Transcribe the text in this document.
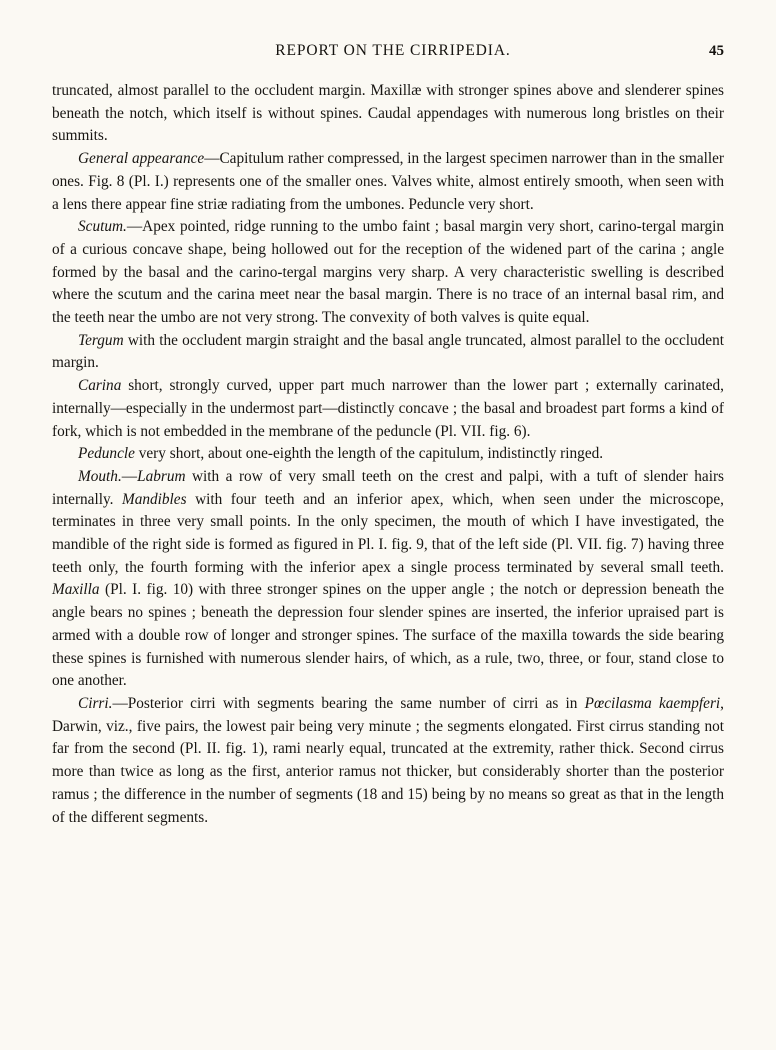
REPORT ON THE CIRRIPEDIA.	45

truncated, almost parallel to the occludent margin. Maxillæ with stronger spines above and slenderer spines beneath the notch, which itself is without spines. Caudal appendages with numerous long bristles on their summits.

General appearance—Capitulum rather compressed, in the largest specimen narrower than in the smaller ones. Fig. 8 (Pl. I.) represents one of the smaller ones. Valves white, almost entirely smooth, when seen with a lens there appear fine striæ radiating from the umbones. Peduncle very short.

Scutum.—Apex pointed, ridge running to the umbo faint ; basal margin very short, carino-tergal margin of a curious concave shape, being hollowed out for the reception of the widened part of the carina ; angle formed by the basal and the carino-tergal margins very sharp. A very characteristic swelling is described where the scutum and the carina meet near the basal margin. There is no trace of an internal basal rim, and the teeth near the umbo are not very strong. The convexity of both valves is quite equal.

Tergum with the occludent margin straight and the basal angle truncated, almost parallel to the occludent margin.

Carina short, strongly curved, upper part much narrower than the lower part ; externally carinated, internally—especially in the undermost part—distinctly concave ; the basal and broadest part forms a kind of fork, which is not embedded in the membrane of the peduncle (Pl. VII. fig. 6).

Peduncle very short, about one-eighth the length of the capitulum, indistinctly ringed.

Mouth.—Labrum with a row of very small teeth on the crest and palpi, with a tuft of slender hairs internally. Mandibles with four teeth and an inferior apex, which, when seen under the microscope, terminates in three very small points. In the only specimen, the mouth of which I have investigated, the mandible of the right side is formed as figured in Pl. I. fig. 9, that of the left side (Pl. VII. fig. 7) having three teeth only, the fourth forming with the inferior apex a single process terminated by several small teeth. Maxilla (Pl. I. fig. 10) with three stronger spines on the upper angle ; the notch or depression beneath the angle bears no spines ; beneath the depression four slender spines are inserted, the inferior upraised part is armed with a double row of longer and stronger spines. The surface of the maxilla towards the side bearing these spines is furnished with numerous slender hairs, of which, as a rule, two, three, or four, stand close to one another.

Cirri.—Posterior cirri with segments bearing the same number of cirri as in Pœcilasma kaempferi, Darwin, viz., five pairs, the lowest pair being very minute ; the segments elongated. First cirrus standing not far from the second (Pl. II. fig. 1), rami nearly equal, truncated at the extremity, rather thick. Second cirrus more than twice as long as the first, anterior ramus not thicker, but considerably shorter than the posterior ramus ; the difference in the number of segments (18 and 15) being by no means so great as that in the length of the different segments.
